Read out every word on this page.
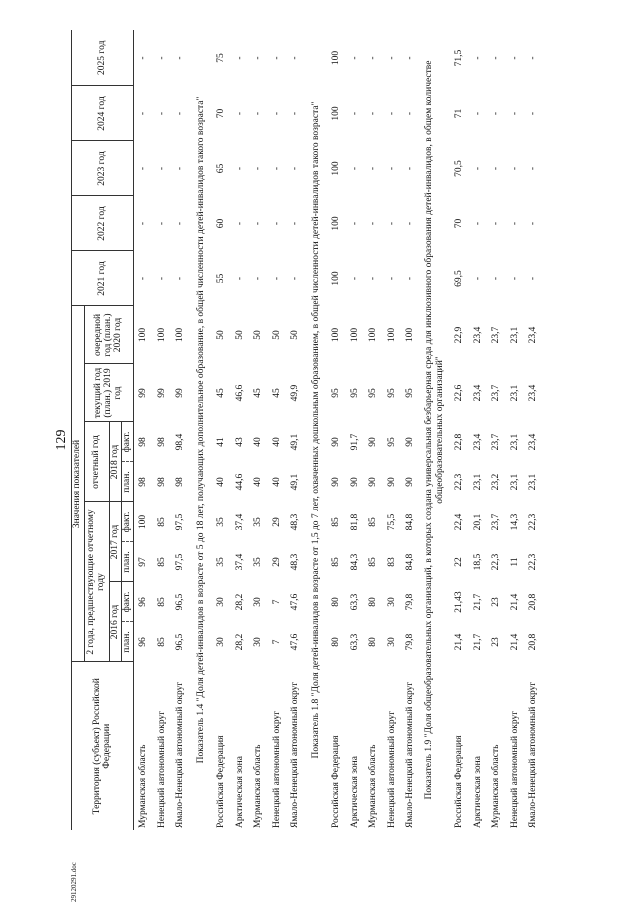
129
29120291.doc
Территория (субъект) Российской Федерации	Значения показателей								2021 год	2022 год	2023 год	2024 год	2025 год
	2 года, предшествующие отчетному году				отчетный год		текущий год (план.) 2019 год	очередной год (план.) 2020 год					
	2016 год		2017 год		2018 год								
	план.	факт.	план.	факт.	план.	факт.							
Мурманская область	96	96	97	100	98	98	99	100	-	-	-	-	-
Ненецкий автономный округ	85	85	85	85	98	98	99	100	-	-	-	-	-
Ямало-Ненецкий автономный округ	96,5	96,5	97,5	97,5	98	98,4	99	100	-	-	-	-	-
Показатель 1.4 "Доля детей-инвалидов в возрасте от 5 до 18 лет, получающих дополнительное образование, в общей численности детей-инвалидов такого возраста"													
Российская Федерация	30	30	35	35	40	41	45	50	55	60	65	70	75
Арктическая зона	28,2	28,2	37,4	37,4	44,6	43	46,6	50	-	-	-	-	-
Мурманская область	30	30	35	35	40	40	45	50	-	-	-	-	-
Ненецкий автономный округ	7	7	29	29	40	40	45	50	-	-	-	-	-
Ямало-Ненецкий автономный округ	47,6	47,6	48,3	48,3	49,1	49,1	49,9	50	-	-	-	-	-
Показатель 1.8 "Доля детей-инвалидов в возрасте от 1,5 до 7 лет, охваченных дошкольным образованием, в общей численности детей-инвалидов такого возраста"													
Российская Федерация	80	80	85	85	90	90	95	100	100	100	100	100	100
Арктическая зона	63,3	63,3	84,3	81,8	90	91,7	95	100	-	-	-	-	-
Мурманская область	80	80	85	85	90	90	95	100	-	-	-	-	-
Ненецкий автономный округ	30	30	83	75,5	90	95	95	100	-	-	-	-	-
Ямало-Ненецкий автономный округ	79,8	79,8	84,8	84,8	90	90	95	100	-	-	-	-	-
Показатель 1.9 "Доля общеобразовательных организаций, в которых создана универсальная безбарьерная среда для инклюзивного образования детей-инвалидов, в общем количестве общеобразовательных организаций"													
Российская Федерация	21,4	21,43	22	22,4	22,3	22,8	22,6	22,9	69,5	70	70,5	71	71,5
Арктическая зона	21,7	21,7	18,5	20,1	23,1	23,4	23,4	23,4	-	-	-	-	-
Мурманская область	23	23	22,3	23,7	23,2	23,7	23,7	23,7	-	-	-	-	-
Ненецкий автономный округ	21,4	21,4	11	14,3	23,1	23,1	23,1	23,1	-	-	-	-	-
Ямало-Ненецкий автономный округ	20,8	20,8	22,3	22,3	23,1	23,4	23,4	23,4	-	-	-	-	-
